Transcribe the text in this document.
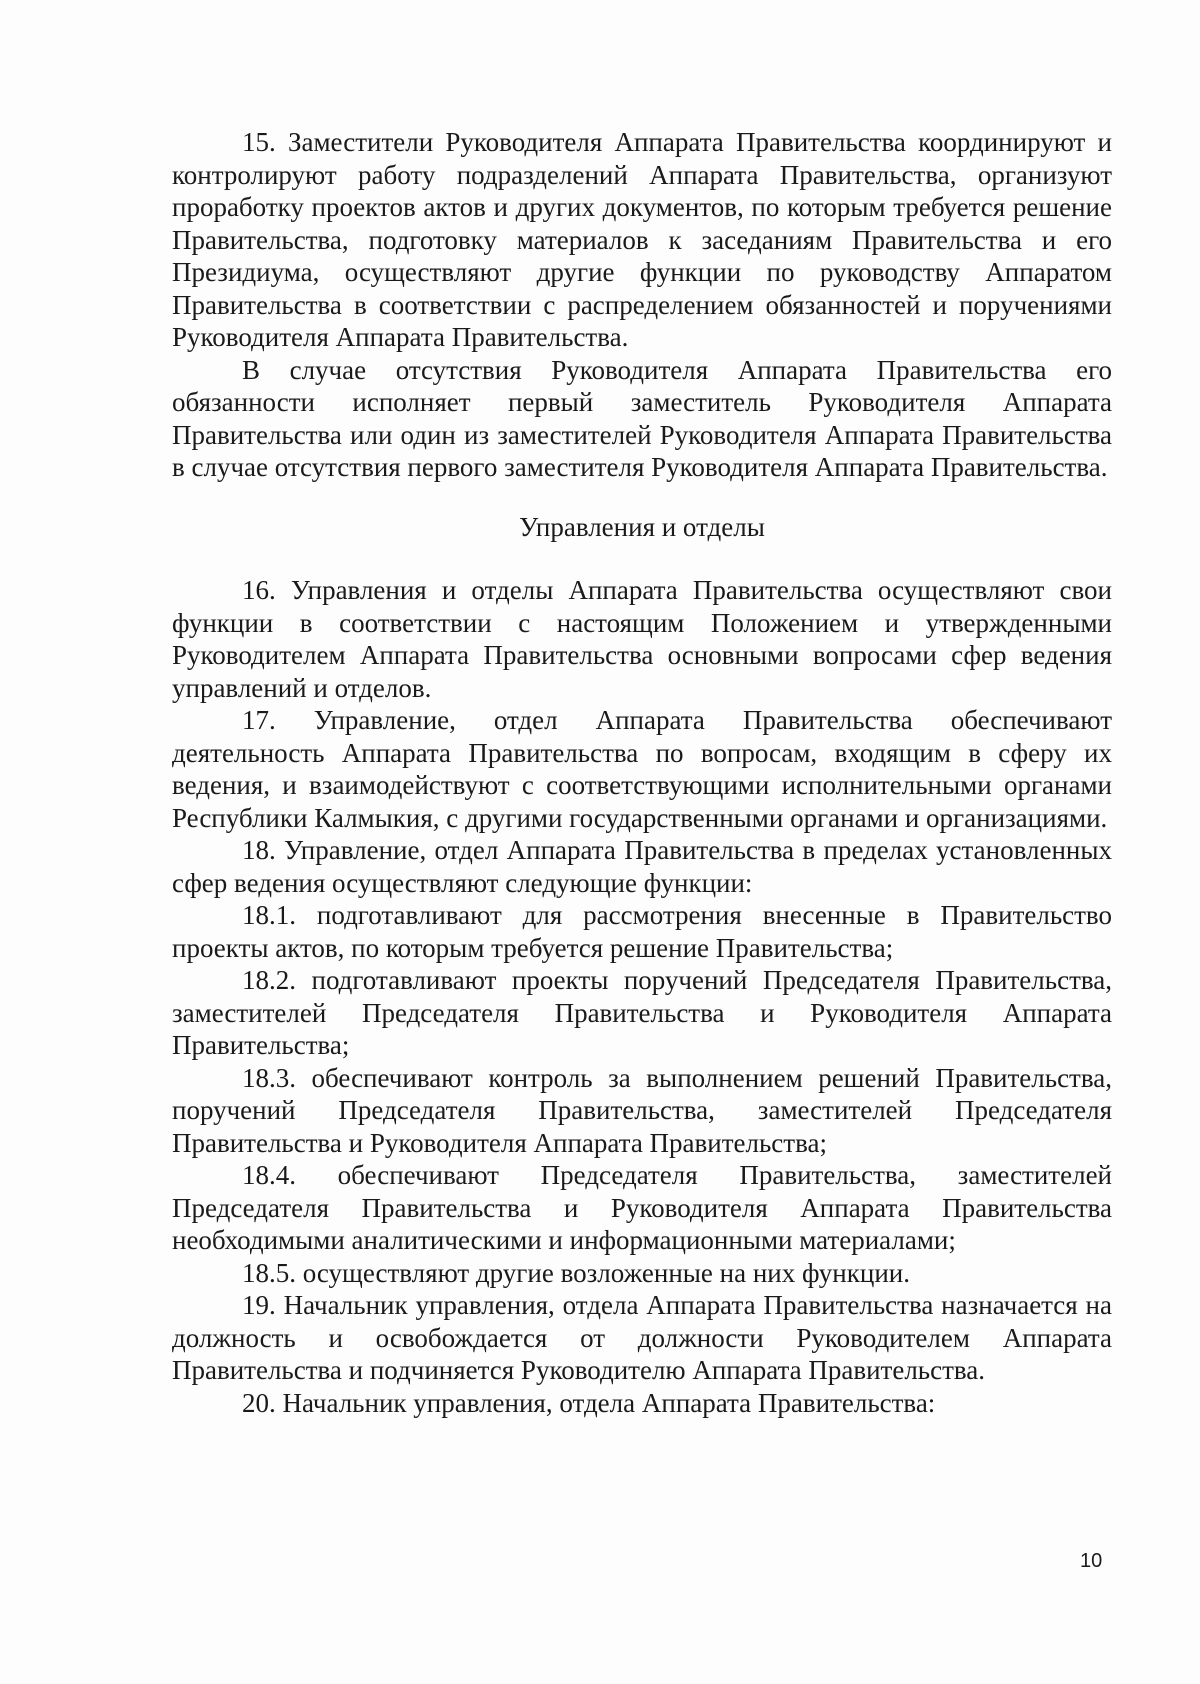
15. Заместители Руководителя Аппарата Правительства координируют и контролируют работу подразделений Аппарата Правительства, организуют проработку проектов актов и других документов, по которым требуется решение Правительства, подготовку материалов к заседаниям Правительства и его Президиума, осуществляют другие функции по руководству Аппаратом Правительства в соответствии с распределением обязанностей и поручениями Руководителя Аппарата Правительства.

В случае отсутствия Руководителя Аппарата Правительства его обязанности исполняет первый заместитель Руководителя Аппарата Правительства или один из заместителей Руководителя Аппарата Правительства в случае отсутствия первого заместителя Руководителя Аппарата Правительства.

Управления и отделы

16. Управления и отделы Аппарата Правительства осуществляют свои функции в соответствии с настоящим Положением и утвержденными Руководителем Аппарата Правительства основными вопросами сфер ведения управлений и отделов.

17. Управление, отдел Аппарата Правительства обеспечивают деятельность Аппарата Правительства по вопросам, входящим в сферу их ведения, и взаимодействуют с соответствующими исполнительными органами Республики Калмыкия, с другими государственными органами и организациями.

18. Управление, отдел Аппарата Правительства в пределах установленных сфер ведения осуществляют следующие функции:

18.1. подготавливают для рассмотрения внесенные в Правительство проекты актов, по которым требуется решение Правительства;

18.2. подготавливают проекты поручений Председателя Правительства, заместителей Председателя Правительства и Руководителя Аппарата Правительства;

18.3. обеспечивают контроль за выполнением решений Правительства, поручений Председателя Правительства, заместителей Председателя Правительства и Руководителя Аппарата Правительства;

18.4. обеспечивают Председателя Правительства, заместителей Председателя Правительства и Руководителя Аппарата Правительства необходимыми аналитическими и информационными материалами;

18.5. осуществляют другие возложенные на них функции.

19. Начальник управления, отдела Аппарата Правительства назначается на должность и освобождается от должности Руководителем Аппарата Правительства и подчиняется Руководителю Аппарата Правительства.

20. Начальник управления, отдела Аппарата Правительства:

10
